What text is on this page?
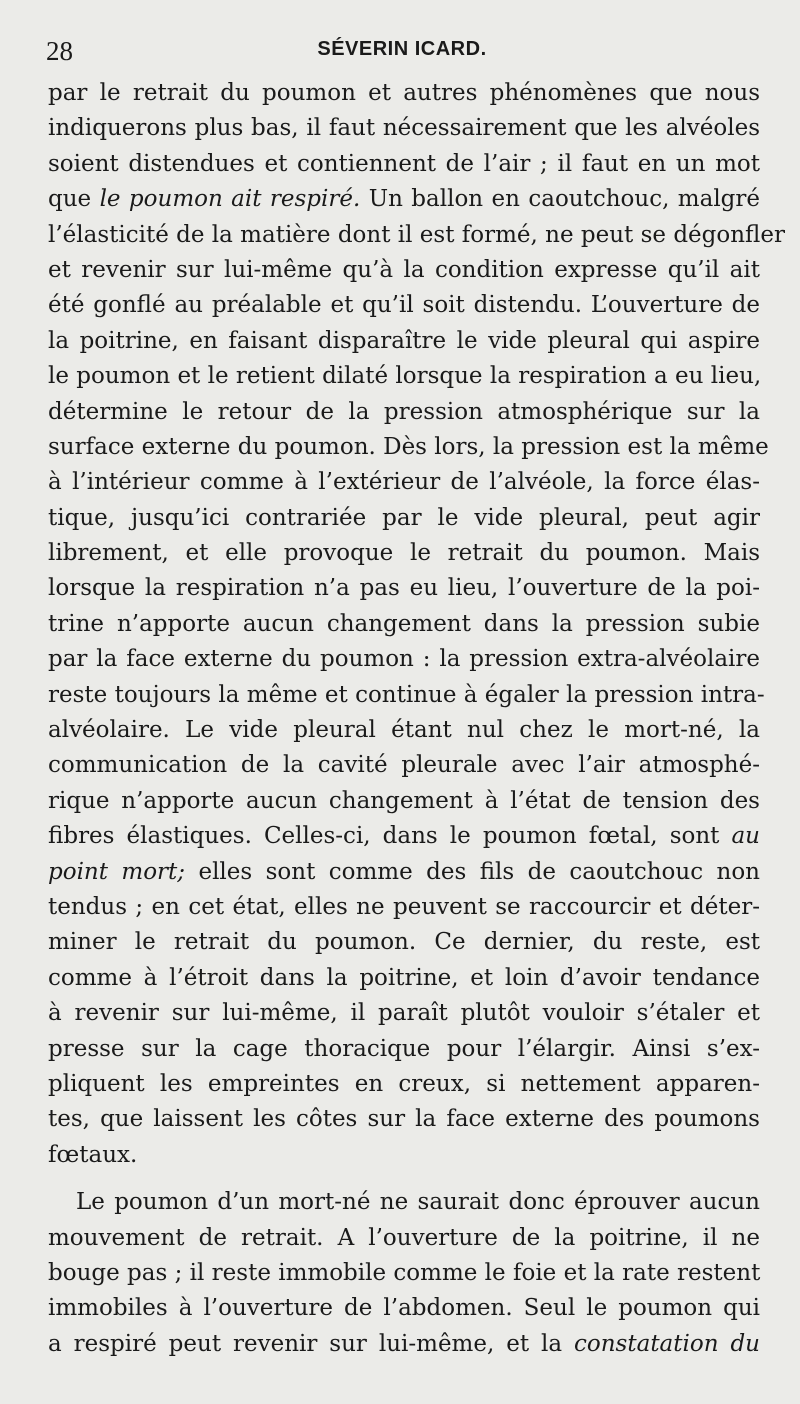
28	SÉVERIN ICARD.
par le retrait du poumon et autres phénomènes que nous
indiquerons plus bas, il faut nécessairement que les alvéoles
soient distendues et contiennent de l’air ; il faut en un mot
que le poumon ait respiré. Un ballon en caoutchouc, malgré
l’élasticité de la matière dont il est formé, ne peut se dégonfler
et revenir sur lui-même qu’à la condition expresse qu’il ait
été gonflé au préalable et qu’il soit distendu. L’ouverture de
la poitrine, en faisant disparaître le vide pleural qui aspire
le poumon et le retient dilaté lorsque la respiration a eu lieu,
détermine le retour de la pression atmosphérique sur la
surface externe du poumon. Dès lors, la pression est la même
à l’intérieur comme à l’extérieur de l’alvéole, la force élas-
tique, jusqu’ici contrariée par le vide pleural, peut agir
librement, et elle provoque le retrait du poumon. Mais
lorsque la respiration n’a pas eu lieu, l’ouverture de la poi-
trine n’apporte aucun changement dans la pression subie
par la face externe du poumon : la pression extra-alvéolaire
reste toujours la même et continue à égaler la pression intra-
alvéolaire. Le vide pleural étant nul chez le mort-né, la
communication de la cavité pleurale avec l’air atmosphé-
rique n’apporte aucun changement à l’état de tension des
fibres élastiques. Celles-ci, dans le poumon fœtal, sont au
point mort; elles sont comme des fils de caoutchouc non
tendus ; en cet état, elles ne peuvent se raccourcir et déter-
miner le retrait du poumon. Ce dernier, du reste, est
comme à l’étroit dans la poitrine, et loin d’avoir tendance
à revenir sur lui-même, il paraît plutôt vouloir s’étaler et
presse sur la cage thoracique pour l’élargir. Ainsi s’ex-
pliquent les empreintes en creux, si nettement apparen-
tes, que laissent les côtes sur la face externe des poumons
fœtaux.
Le poumon d’un mort-né ne saurait donc éprouver aucun
mouvement de retrait. A l’ouverture de la poitrine, il ne
bouge pas ; il reste immobile comme le foie et la rate restent
immobiles à l’ouverture de l’abdomen. Seul le poumon qui
a respiré peut revenir sur lui-même, et la constatation du
